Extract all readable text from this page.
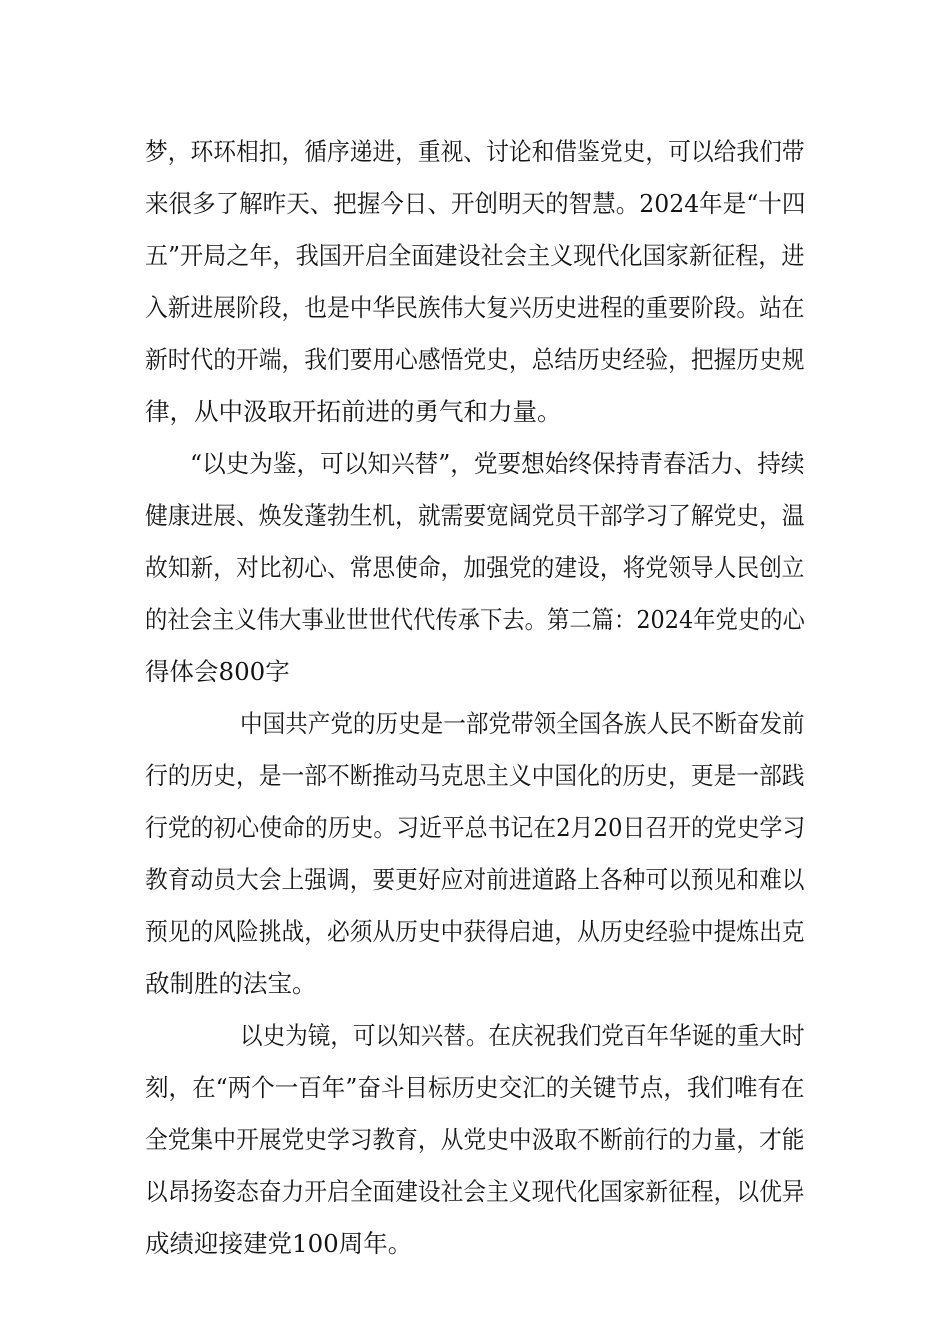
梦，环环相扣，循序递进，重视、讨论和借鉴党史，可以给我们带

来很多了解昨天、把握今日、开创明天的智慧。2024年是“十四

五”开局之年，我国开启全面建设社会主义现代化国家新征程，进

入新进展阶段，也是中华民族伟大复兴历史进程的重要阶段。站在

新时代的开端，我们要用心感悟党史，总结历史经验，把握历史规

律，从中汲取开拓前进的勇气和力量。

“以史为鉴，可以知兴替”，党要想始终保持青春活力、持续

健康进展、焕发蓬勃生机，就需要宽阔党员干部学习了解党史，温

故知新，对比初心、常思使命，加强党的建设，将党领导人民创立

的社会主义伟大事业世世代代传承下去。第二篇：2024年党史的心

得体会800字

中国共产党的历史是一部党带领全国各族人民不断奋发前

行的历史，是一部不断推动马克思主义中国化的历史，更是一部践

行党的初心使命的历史。习近平总书记在2月20日召开的党史学习

教育动员大会上强调，要更好应对前进道路上各种可以预见和难以

预见的风险挑战，必须从历史中获得启迪，从历史经验中提炼出克

敌制胜的法宝。

以史为镜，可以知兴替。在庆祝我们党百年华诞的重大时

刻，在“两个一百年”奋斗目标历史交汇的关键节点，我们唯有在

全党集中开展党史学习教育，从党史中汲取不断前行的力量，才能

以昂扬姿态奋力开启全面建设社会主义现代化国家新征程，以优异

成绩迎接建党100周年。
